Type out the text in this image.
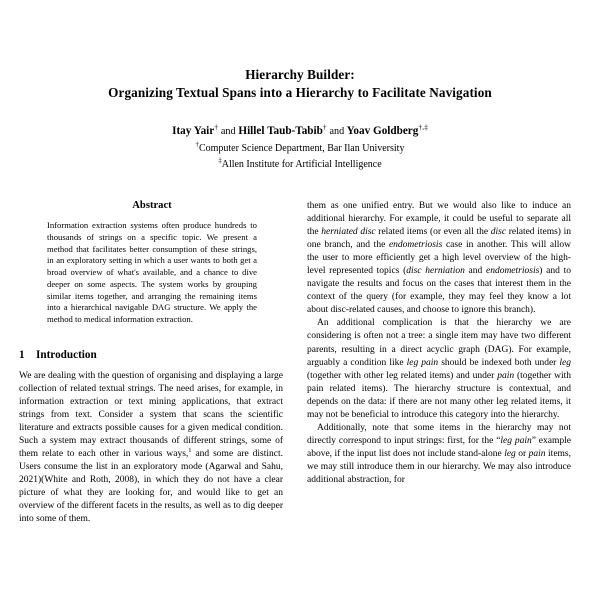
Hierarchy Builder:
Organizing Textual Spans into a Hierarchy to Facilitate Navigation
Itay Yair† and Hillel Taub-Tabib† and Yoav Goldberg†,‡
†Computer Science Department, Bar Ilan University
‡Allen Institute for Artificial Intelligence
Abstract

Information extraction systems often produce hundreds to thousands of strings on a specific topic. We present a method that facilitates better consumption of these strings, in an exploratory setting in which a user wants to both get a broad overview of what's available, and a chance to dive deeper on some aspects. The system works by grouping similar items together, and arranging the remaining items into a hierarchical navigable DAG structure. We apply the method to medical information extraction.

1 Introduction

We are dealing with the question of organising and displaying a large collection of related textual strings. The need arises, for example, in information extraction or text mining applications, that extract strings from text. Consider a system that scans the scientific literature and extracts possible causes for a given medical condition. Such a system may extract thousands of different strings, some of them relate to each other in various ways,$^1$ and some are distinct. Users consume the list in an exploratory mode (Agarwal and Sahu, 2021)(White and Roth, 2008), in which they do not have a clear picture of what they are looking for, and would like to get an overview of the different facets in the results, as well as to dig deeper into some of them.

them as one unified entry. But we would also like to induce an additional hierarchy. For example, it could be useful to separate all the herniated disc related items (or even all the disc related items) in one branch, and the endometriosis case in another. This will allow the user to more efficiently get a high level overview of the high-level represented topics (disc herniation and endometriosis) and to navigate the results and focus on the cases that interest them in the context of the query (for example, they may feel they know a lot about disc-related causes, and choose to ignore this branch).

An additional complication is that the hierarchy we are considering is often not a tree: a single item may have two different parents, resulting in a direct acyclic graph (DAG). For example, arguably a condition like leg pain should be indexed both under leg (together with other leg related items) and under pain (together with pain related items). The hierarchy structure is contextual, and depends on the data: if there are not many other leg related items, it may not be beneficial to introduce this category into the hierarchy.

Additionally, note that some items in the hierarchy may not directly correspond to input strings: first, for the “leg pain” example above, if the input list does not include stand-alone leg or pain items, we may still introduce them in our hierarchy. We may also introduce additional abstraction, for
